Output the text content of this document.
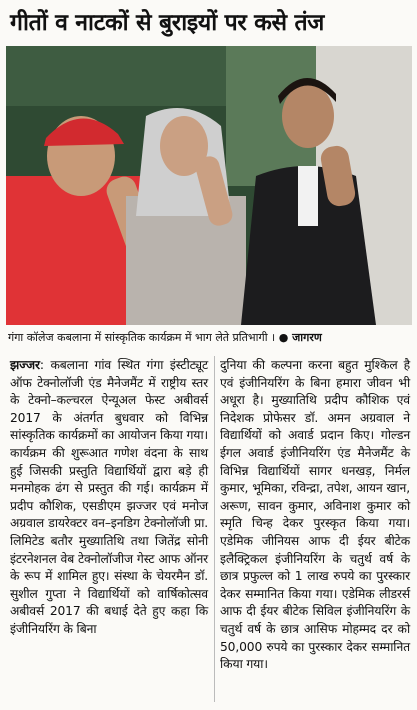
गीतों व नाटकों से बुराइयों पर कसे तंज
गंगा कॉलेज कबलाना में सांस्कृतिक कार्यक्रम में भाग लेते प्रतिभागी । ● जागरण

झज्जर: कबलाना गांव स्थित गंगा इंस्टीट्यूट ऑफ टेक्नोलॉजी एंड मैनेजमैंट में राष्ट्रीय स्तर के टेक्नो–कल्चरल ऐन्यूअल फेस्ट अबीवर्स 2017 के अंतर्गत बुधवार को विभिन्न सांस्कृतिक कार्यक्रमों का आयोजन किया गया। कार्यक्रम की शुरूआत गणेश वंदना के साथ हुई जिसकी प्रस्तुति विद्यार्थियों द्वारा बड़े ही मनमोहक ढंग से प्रस्तुत की गई। कार्यक्रम में प्रदीप कौशिक, एसडीएम झज्जर एवं मनोज अग्रवाल डायरेक्टर वन–इनडिग टेक्नोलॉजी प्रा. लिमिटेड बतौर मुख्यातिथि तथा जितेंद्र सोनी इंटरनेशनल वेब टेक्नोलॉजीज गेस्ट आफ ऑनर के रूप में शामिल हुए। संस्था के चेयरमैन डॉ. सुशील गुप्ता ने विद्यार्थियों को वार्षिकोत्सव अबीवर्स 2017 की बधाई देते हुए कहा कि इंजीनियरिंग के बिना

दुनिया की कल्पना करना बहुत मुश्किल है एवं इंजीनियरिंग के बिना हमारा जीवन भी अधूरा है। मुख्यातिथि प्रदीप कौशिक एवं निदेशक प्रोफेसर डॉ. अमन अग्रवाल ने विद्यार्थियों को अवार्ड प्रदान किए। गोल्डन ईगल अवार्ड इंजीनियरिंग एंड मैनेजमैंट के विभिन्न विद्यार्थियों सागर धनखड़, निर्मल कुमार, भूमिका, रविन्द्रा, तपेश, आयन खान, अरूण, सावन कुमार, अविनाश कुमार को स्मृति चिन्ह देकर पुरस्कृत किया गया। एडेमिक जीनियस आफ दी ईयर बीटेक इलैक्ट्रिकल इंजीनियरिंग के चतुर्थ वर्ष के छात्र प्रफुल्ल को 1 लाख रुपये का पुरस्कार देकर सम्मानित किया गया। एडेमिक लीडरर्स आफ दी ईयर बीटेक सिविल इंजीनियरिंग के चतुर्थ वर्ष के छात्र आसिफ मोहम्मद दर को 50,000 रुपये का पुरस्कार देकर सम्मानित किया गया।
